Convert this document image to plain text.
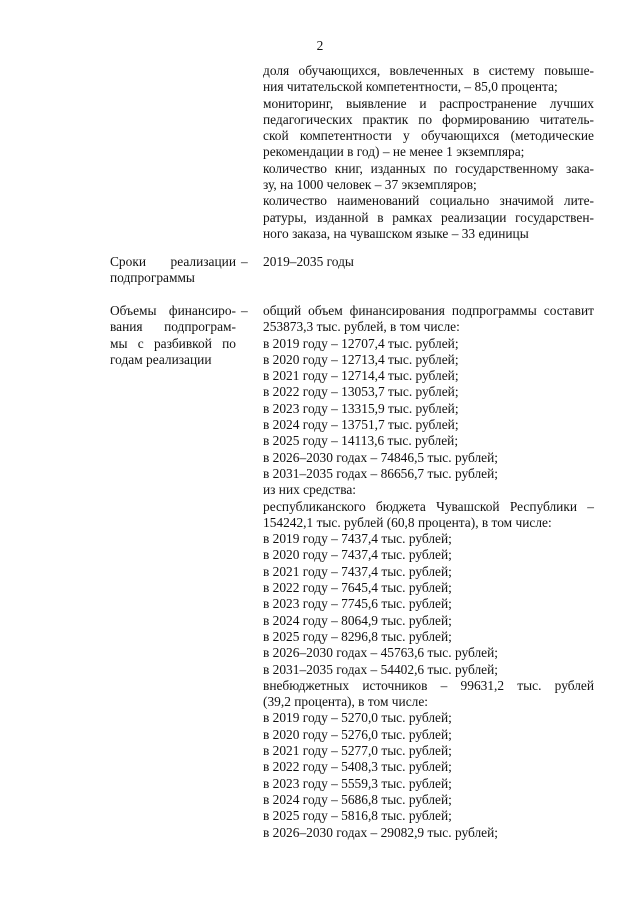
2
доля обучающихся, вовлеченных в систему повыше-
ния читательской компетентности, – 85,0 процента;
мониторинг, выявление и распространение лучших
педагогических практик по формированию читатель-
ской компетентности у обучающихся (методические
рекомендации в год) – не менее 1 экземпляра;
количество книг, изданных по государственному зака-
зу, на 1000 человек – 37 экземпляров;
количество наименований социально значимой лите-
ратуры, изданной в рамках реализации государствен-
ного заказа, на чувашском языке – 33 единицы
Сроки реализации
подпрограммы
– 2019–2035 годы
Объемы финансиро-
вания подпрограм-
мы с разбивкой по
годам реализации
– общий объем финансирования подпрограммы составит
253873,3 тыс. рублей, в том числе:
в 2019 году – 12707,4 тыс. рублей;
в 2020 году – 12713,4 тыс. рублей;
в 2021 году – 12714,4 тыс. рублей;
в 2022 году – 13053,7 тыс. рублей;
в 2023 году – 13315,9 тыс. рублей;
в 2024 году – 13751,7 тыс. рублей;
в 2025 году – 14113,6 тыс. рублей;
в 2026–2030 годах – 74846,5 тыс. рублей;
в 2031–2035 годах – 86656,7 тыс. рублей;
из них средства:
республиканского бюджета Чувашской Республики –
154242,1 тыс. рублей (60,8 процента), в том числе:
в 2019 году – 7437,4 тыс. рублей;
в 2020 году – 7437,4 тыс. рублей;
в 2021 году – 7437,4 тыс. рублей;
в 2022 году – 7645,4 тыс. рублей;
в 2023 году – 7745,6 тыс. рублей;
в 2024 году – 8064,9 тыс. рублей;
в 2025 году – 8296,8 тыс. рублей;
в 2026–2030 годах – 45763,6 тыс. рублей;
в 2031–2035 годах – 54402,6 тыс. рублей;
внебюджетных источников – 99631,2 тыс. рублей
(39,2 процента), в том числе:
в 2019 году – 5270,0 тыс. рублей;
в 2020 году – 5276,0 тыс. рублей;
в 2021 году – 5277,0 тыс. рублей;
в 2022 году – 5408,3 тыс. рублей;
в 2023 году – 5559,3 тыс. рублей;
в 2024 году – 5686,8 тыс. рублей;
в 2025 году – 5816,8 тыс. рублей;
в 2026–2030 годах – 29082,9 тыс. рублей;
